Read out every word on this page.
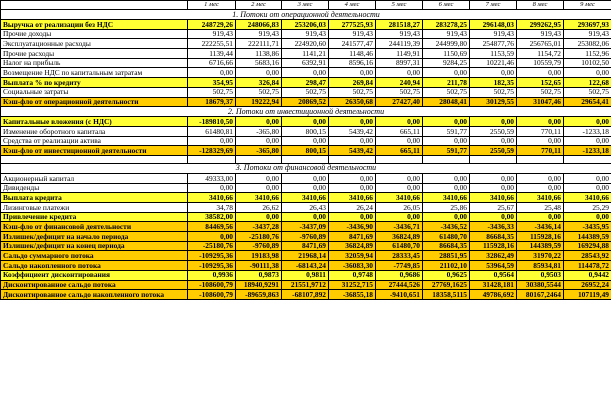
	1 мес	2 мес	3 мес	4 мес	5 мес	6 мес	7 мес	8 мес	9 мес
1. Потоки от операционной деятельности									
Выручка от реализации без НДС	248729,26	248066,83	253206,03	277525,93	281518,27	283278,25	296148,03	299262,95	293697,93
Прочие доходы	919,43	919,43	919,43	919,43	919,43	919,43	919,43	919,43	919,43
Эксплуатационные расходы	222255,51	222111,71	224920,60	241577,47	244119,39	244999,80	254877,76	256765,01	253082,06
Прочие расходы	1139,44	1138,86	1141,21	1148,46	1149,91	1150,69	1153,59	1154,72	1152,96
Налог на прибыль	6716,66	5683,16	6392,91	8596,16	8997,31	9284,25	10221,46	10559,79	10102,50
Возмещение НДС по капитальным затратам	0,00	0,00	0,00	0,00	0,00	0,00	0,00	0,00	0,00
Выплата % по кредиту	354,95	326,84	298,47	269,84	240,94	211,78	182,35	152,65	122,68
Социальные затраты	502,75	502,75	502,75	502,75	502,75	502,75	502,75	502,75	502,75
Кэш-фло от операционной деятельности	18679,37	19222,94	20869,52	26350,68	27427,40	28048,41	30129,55	31047,46	29654,41
2. Потоки от инвестиционной деятельности									
Капитальные вложения (с НДС)	-189810,50	0,00	0,00	0,00	0,00	0,00	0,00	0,00	0,00
Изменение оборотного капитала	61480,81	-365,80	800,15	5439,42	665,11	591,77	2550,59	770,11	-1233,18
Средства от реализации актива	0,00	0,00	0,00	0,00	0,00	0,00	0,00	0,00	0,00
Кэш-фло от инвестиционной деятельности	-128329,69	-365,80	800,15	5439,42	665,11	591,77	2550,59	770,11	-1233,18

3. Потоки от финансовой деятельности									
Акционерный капитал	49333,00	0,00	0,00	0,00	0,00	0,00	0,00	0,00	0,00
Дивиденды	0,00	0,00	0,00	0,00	0,00	0,00	0,00	0,00	0,00
Выплата кредита	3410,66	3410,66	3410,66	3410,66	3410,66	3410,66	3410,66	3410,66	3410,66
Лизинговые платежи	34,78	26,62	26,43	26,24	26,05	25,86	25,67	25,48	25,29
Привлечение кредита	38582,00	0,00	0,00	0,00	0,00	0,00	0,00	0,00	0,00
Кэш-фло от финансовой деятельности	84469,56	-3437,28	-3437,09	-3436,90	-3436,71	-3436,52	-3436,33	-3436,14	-3435,95
Излишек/дефицит на начало периода	0,00	-25180,76	-9760,89	8471,69	36824,89	61480,70	86684,35	115928,16	144389,59
Излишек/дефицит на конец периода	-25180,76	-9760,89	8471,69	36824,89	61480,70	86684,35	115928,16	144389,59	169294,88
Сальдо суммарного потока	-109295,36	19183,98	21968,14	32059,94	28333,45	28851,95	32862,49	31970,22	28543,92
Сальдо накопленного потока	-109295,36	-90111,38	-68143,24	-36083,30	-7749,85	21102,10	53964,59	85934,81	114478,72
Коэффициент дисконтирования	0,9936	0,9873	0,9811	0,9748	0,9686	0,9625	0,9564	0,9503	0,9442
Дисконтированное сальдо потока	-108600,79	18940,9291	21551,9712	31252,715	27444,526	27769,1625	31428,181	30380,5544	26952,24
Дисконтированное сальдо накопленного потока	-108600,79	-89659,863	-68107,892	-36855,18	-9410,651	18358,5115	49786,692	80167,2464	107119,49
